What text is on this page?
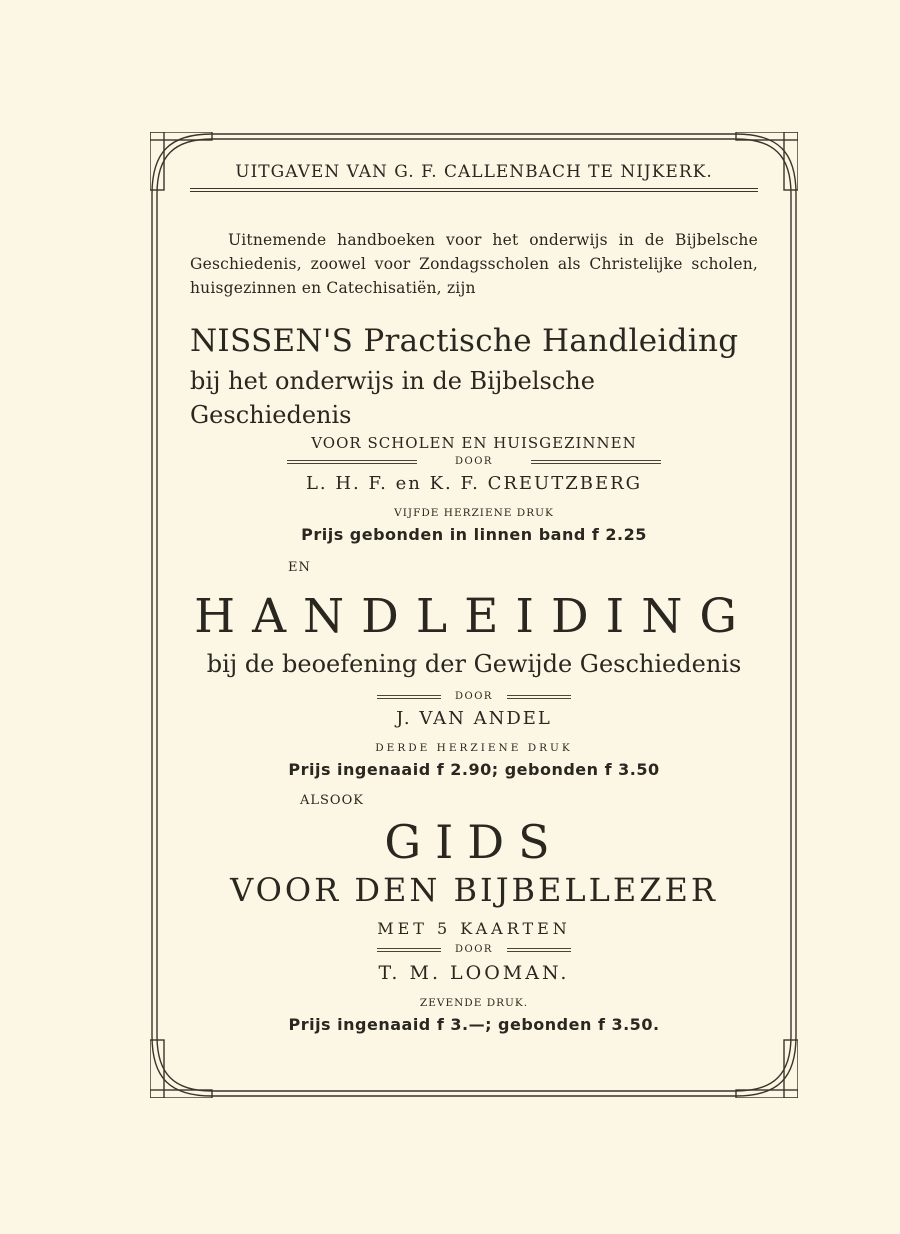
UITGAVEN VAN G. F. CALLENBACH TE NIJKERK.

Uitnemende handboeken voor het onderwijs in de Bijbelsche Geschiedenis, zoowel voor Zondagsscholen als Christelijke scholen, huisgezinnen en Catechisatiën, zijn

NISSEN'S Practische Handleiding
bij het onderwijs in de Bijbelsche Geschiedenis
VOOR SCHOLEN EN HUISGEZINNEN
DOOR
L. H. F. en K. F. CREUTZBERG
VIJFDE HERZIENE DRUK
Prijs gebonden in linnen band f 2.25
EN
HANDLEIDING
bij de beoefening der Gewijde Geschiedenis
DOOR
J. VAN ANDEL
DERDE HERZIENE DRUK
Prijs ingenaaid f 2.90; gebonden f 3.50
ALSOOK
GIDS
VOOR DEN BIJBELLEZER
MET 5 KAARTEN
DOOR
T. M. LOOMAN.
ZEVENDE DRUK.
Prijs ingenaaid f 3.—; gebonden f 3.50.
